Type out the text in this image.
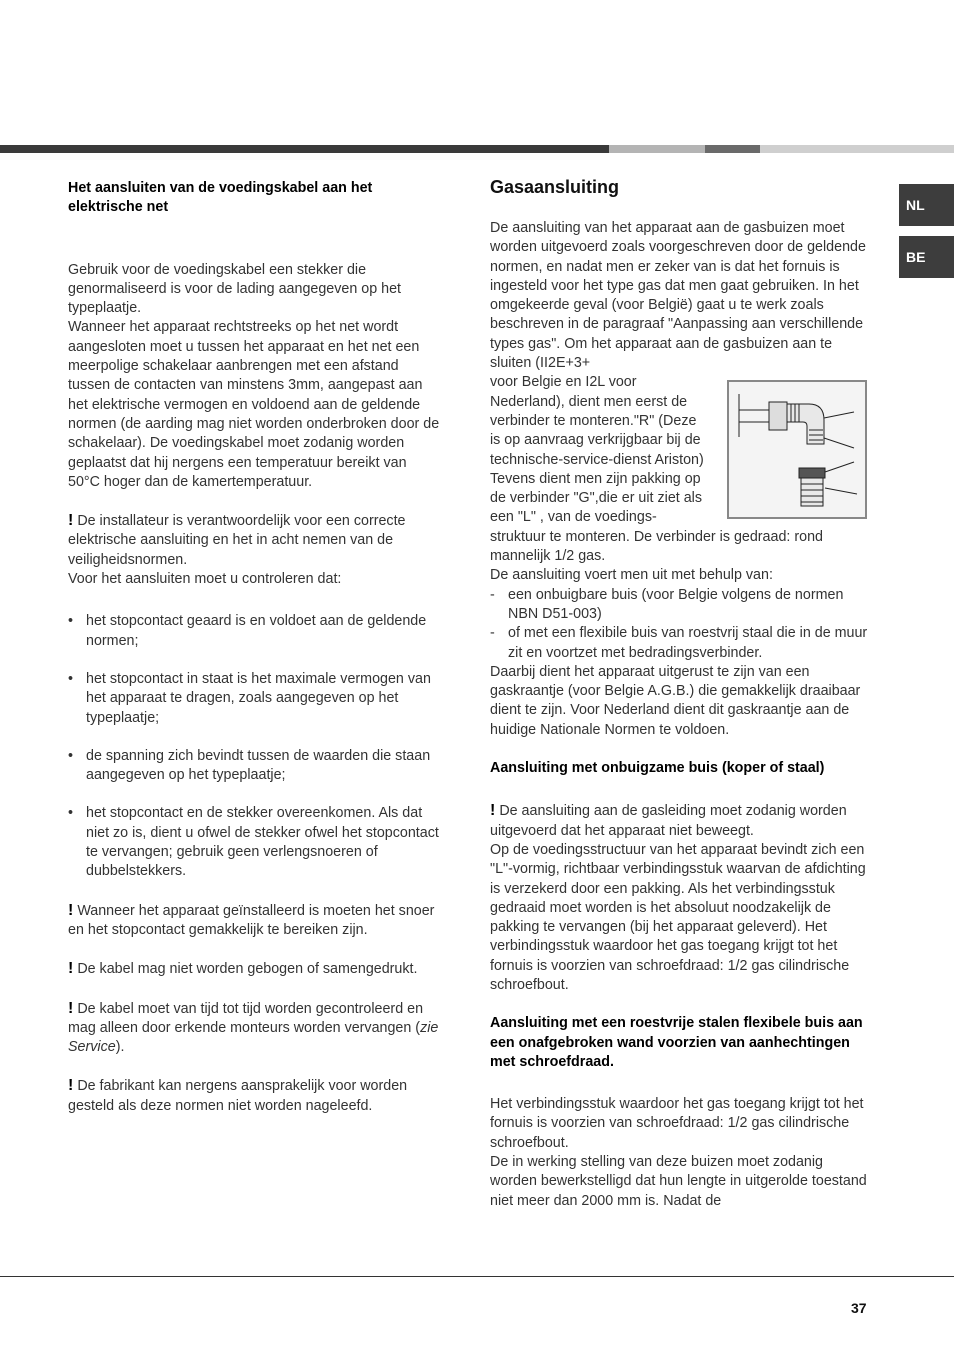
NL
BE

Het aansluiten van de voedingskabel aan het elektrische net

Gebruik voor de voedingskabel een stekker die genormaliseerd is voor de lading aangegeven op het typeplaatje.

Wanneer het apparaat rechtstreeks op het net wordt aangesloten moet u tussen het apparaat en het net een meerpolige schakelaar aanbrengen met een afstand tussen de contacten van minstens 3mm, aangepast aan het elektrische vermogen en voldoend aan de geldende normen (de aarding mag niet worden onderbroken door de schakelaar). De voedingskabel moet zodanig worden geplaatst dat hij nergens een temperatuur bereikt van 50°C hoger dan de kamertemperatuur.

! De installateur is verantwoordelijk voor een correcte elektrische aansluiting en het in acht nemen van de veiligheidsnormen.

Voor het aansluiten moet u controleren dat:

• het stopcontact geaard is en voldoet aan de geldende normen;
• het stopcontact in staat is het maximale vermogen van het apparaat te dragen, zoals aangegeven op het typeplaatje;
• de spanning zich bevindt tussen de waarden die staan aangegeven op het typeplaatje;
• het stopcontact en de stekker overeenkomen. Als dat niet zo is, dient u ofwel de stekker ofwel het stopcontact te vervangen; gebruik geen verlengsnoeren of dubbelstekkers.

! Wanneer het apparaat geïnstalleerd is moeten het snoer en het stopcontact gemakkelijk te bereiken zijn.

! De kabel mag niet worden gebogen of samengedrukt.

! De kabel moet van tijd tot tijd worden gecontroleerd en mag alleen door erkende monteurs worden vervangen (zie Service).

! De fabrikant kan nergens aansprakelijk voor worden gesteld als deze normen niet worden nageleefd.

Gasaansluiting

De aansluiting van het apparaat aan de gasbuizen moet worden uitgevoerd zoals voorgeschreven door de geldende normen, en nadat men er zeker van is dat het fornuis is ingesteld voor het type gas dat men gaat gebruiken. In het omgekeerde geval (voor België) gaat u te werk zoals beschreven in de paragraaf "Aanpassing aan verschillende types gas". Om het apparaat aan de gasbuizen aan te sluiten (II2E+3+

voor Belgie en I2L voor Nederland), dient men eerst de verbinder te monteren."R" (Deze is op aanvraag verkrijgbaar bij de technische-service-dienst Ariston) Tevens dient men zijn pakking op de verbinder "G",die er uit ziet als een "L" , van de voedings-

struktuur te monteren. De verbinder is gedraad: rond mannelijk 1/2 gas.

De aansluiting voert men uit met behulp van:

- een onbuigbare buis (voor Belgie volgens de normen NBN D51-003)
- of met een flexibile buis van roestvrij staal die in de muur zit en voortzet met bedradingsverbinder.

Daarbij dient het apparaat uitgerust te zijn van een gaskraantje (voor Belgie A.G.B.) die gemakkelijk draaibaar dient te zijn. Voor Nederland dient dit gaskraantje aan de huidige Nationale Normen te voldoen.

Aansluiting met onbuigzame buis (koper of staal)

! De aansluiting aan de gasleiding moet zodanig worden uitgevoerd dat het apparaat niet beweegt.

Op de voedingsstructuur van het apparaat bevindt zich een "L"-vormig, richtbaar verbindingsstuk waarvan de afdichting is verzekerd door een pakking. Als het verbindingsstuk gedraaid moet worden is het absoluut noodzakelijk de pakking te vervangen (bij het apparaat geleverd). Het verbindingsstuk waardoor het gas toegang krijgt tot het fornuis is voorzien van schroefdraad: 1/2 gas cilindrische schroefbout.

Aansluiting met een roestvrije stalen flexibele buis aan een onafgebroken wand voorzien van aanhechtingen met schroefdraad.

Het verbindingsstuk waardoor het gas toegang krijgt tot het fornuis is voorzien van schroefdraad: 1/2 gas cilindrische schroefbout.

De in werking stelling van deze buizen moet zodanig worden bewerkstelligd dat hun lengte in uitgerolde toestand niet meer dan 2000 mm is. Nadat de

37
